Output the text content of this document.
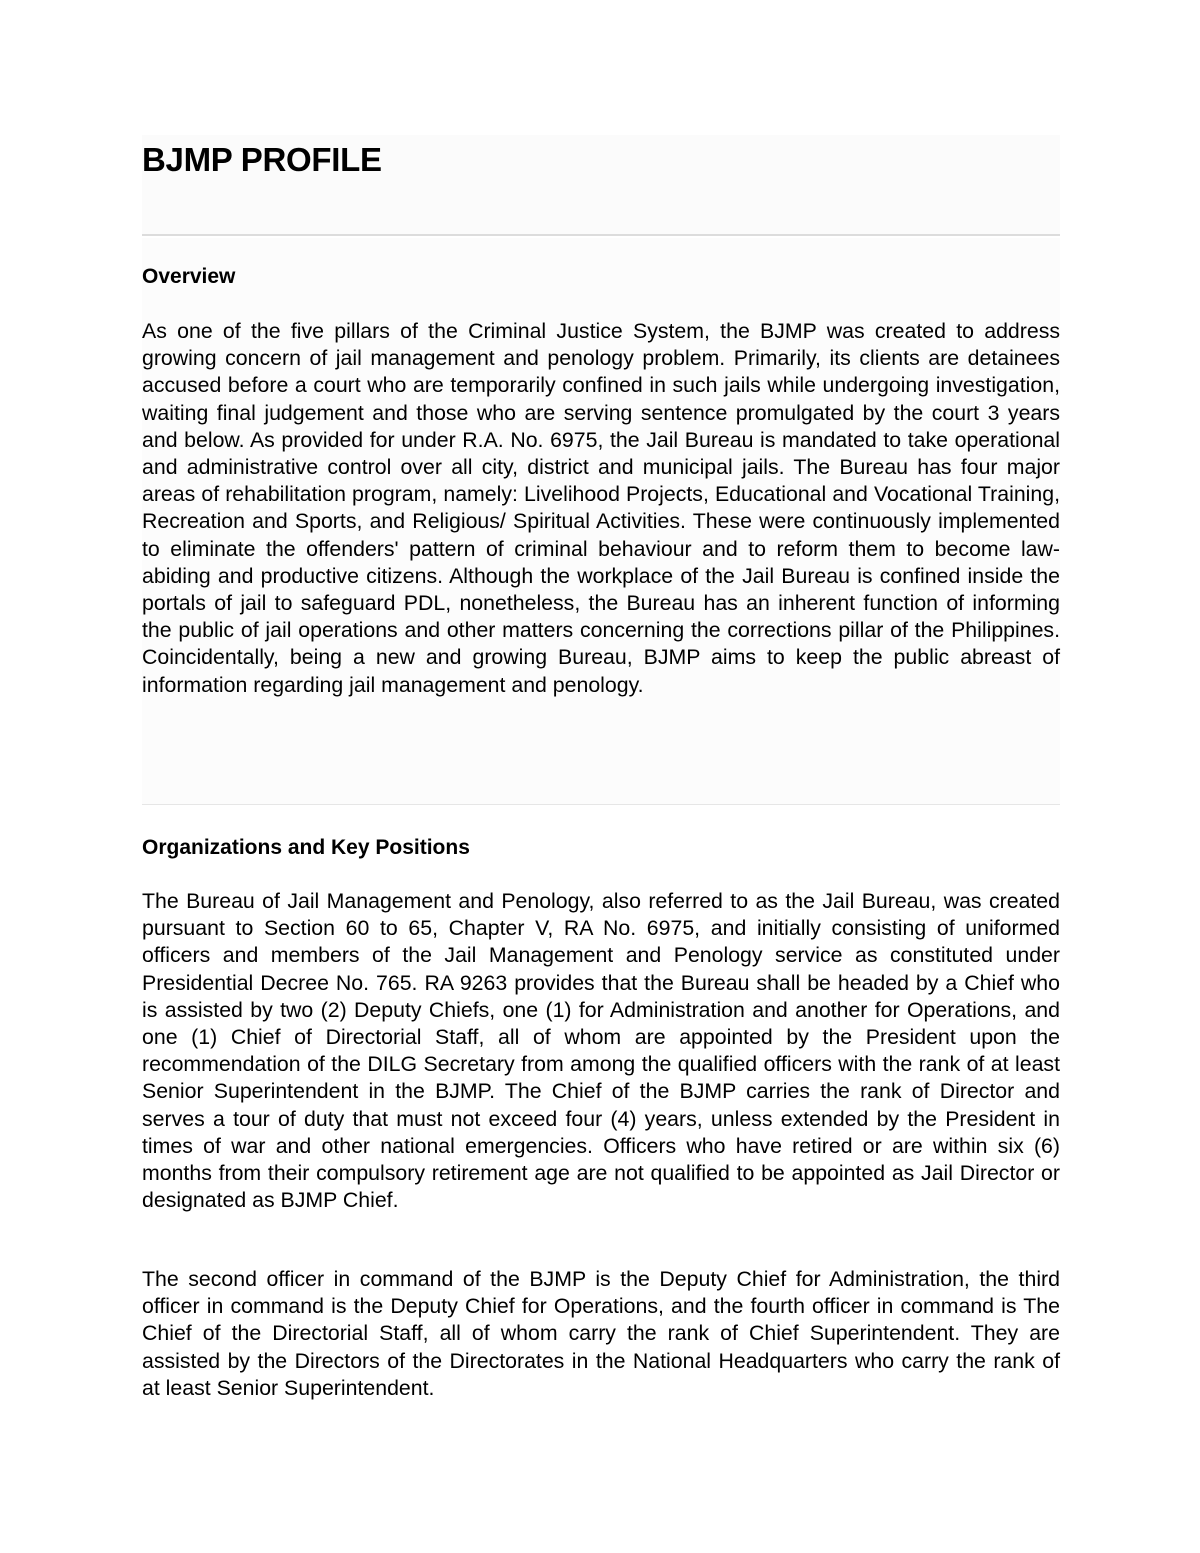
BJMP PROFILE
Overview

As one of the five pillars of the Criminal Justice System, the BJMP was created to address growing concern of jail management and penology problem. Primarily, its clients are detainees accused before a court who are temporarily confined in such jails while undergoing investigation, waiting final judgement and those who are serving sentence promulgated by the court 3 years and below. As provided for under R.A. No. 6975, the Jail Bureau is mandated to take operational and administrative control over all city, district and municipal jails. The Bureau has four major areas of rehabilitation program, namely: Livelihood Projects, Educational and Vocational Training, Recreation and Sports, and Religious/ Spiritual Activities. These were continuously implemented to eliminate the offenders' pattern of criminal behaviour and to reform them to become law-abiding and productive citizens. Although the workplace of the Jail Bureau is confined inside the portals of jail to safeguard PDL, nonetheless, the Bureau has an inherent function of informing the public of jail operations and other matters concerning the corrections pillar of the Philippines. Coincidentally, being a new and growing Bureau, BJMP aims to keep the public abreast of information regarding jail management and penology.

Organizations and Key Positions

The Bureau of Jail Management and Penology, also referred to as the Jail Bureau, was created pursuant to Section 60 to 65, Chapter V, RA No. 6975, and initially consisting of uniformed officers and members of the Jail Management and Penology service as constituted under Presidential Decree No. 765. RA 9263 provides that the Bureau shall be headed by a Chief who is assisted by two (2) Deputy Chiefs, one (1) for Administration and another for Operations, and one (1) Chief of Directorial Staff, all of whom are appointed by the President upon the recommendation of the DILG Secretary from among the qualified officers with the rank of at least Senior Superintendent in the BJMP. The Chief of the BJMP carries the rank of Director and serves a tour of duty that must not exceed four (4) years, unless extended by the President in times of war and other national emergencies. Officers who have retired or are within six (6) months from their compulsory retirement age are not qualified to be appointed as Jail Director or designated as BJMP Chief.

The second officer in command of the BJMP is the Deputy Chief for Administration, the third officer in command is the Deputy Chief for Operations, and the fourth officer in command is The Chief of the Directorial Staff, all of whom carry the rank of Chief Superintendent. They are assisted by the Directors of the Directorates in the National Headquarters who carry the rank of at least Senior Superintendent.
